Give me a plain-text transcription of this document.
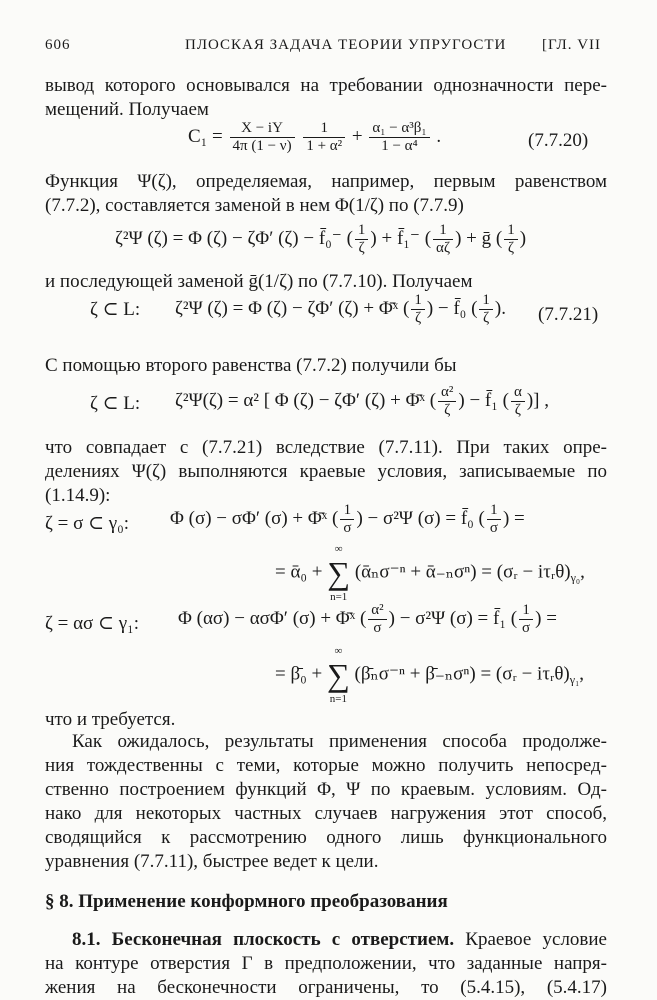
606	ПЛОСКАЯ ЗАДАЧА ТЕОРИИ УПРУГОСТИ [ГЛ. VII
вывод которого основывался на требовании однозначности пере-
мещений. Получаем
$C_1 = \frac{X - iY}{4\pi (1 - \nu)}$
$\frac{1}{\text{1 + α²}} + \frac{\text{α₁ − α³β₁}}{\text{1 − α⁴}}$ .	(7.7.20)
Функция Ψ(ζ), определяемая, например, первым равенством
(7.7.2), составляется заменой в нем Φ(1/ζ) по (7.7.9)
ζ²Ψ (ζ) = Φ (ζ) − ζΦ′ (ζ) − f̄₀⁻ ( $\frac{1}{\zeta}$ ) + f̄₁⁻ ( $\frac{1}{\alpha\zeta}$ ) + ḡ ( $\frac{1}{\zeta}$ )
и последующей заменой ḡ(1/ζ) по (7.7.10). Получаем
ζ ⊂ L: ζ²Ψ (ζ) = Φ (ζ) − ζΦ′ (ζ) + Φ̄ˣ ( $\frac{1}{\zeta}$ ) − f̄₀ ( $\frac{1}{\zeta}$ ). (7.7.21)
С помощью второго равенства (7.7.2) получили бы
ζ ⊂ L: ζ²Ψ(ζ) = α² [ Φ (ζ) − ζΦ′ (ζ) + Φ̄ˣ ( $\frac{\text{α²}}{\zeta}$ ) − f̄₁ ( $\frac{\alpha}{\zeta}$ )] ,
что совпадает с (7.7.21) вследствие (7.7.11). При таких опре-
делениях Ψ(ζ) выполняются краевые условия, записываемые по
(1.14.9):
ζ = σ ⊂ γ₀: Φ (σ) − σΦ′ (σ) + Φ̄ˣ ( $\frac{1}{\sigma}$ ) − σ²Ψ (σ) = f̄₀ ( $\frac{1}{\sigma}$ ) =
= ᾱ₀ +
∞
∑
n=1
(ᾱₙσ⁻ⁿ + ᾱ₋ₙσⁿ) = (σᵣ − $i\tau ᵣ\theta)_{\gamma_0}$,
ζ = ασ ⊂ γ₁: Φ (ασ) − ασΦ′ (σ) + Φ̄ˣ ( $\frac{\text{α²}}{\sigma}$ ) − σ²Ψ (σ) = f̄₁ ( $\frac{1}{\sigma}$ ) =
= β̄₀ +
∞
∑
n=1
(β̄ₙσ⁻ⁿ + β̄₋ₙσⁿ) = (σᵣ − $i\tau ᵣ\theta)_{\gamma_1}$,
что и требуется.
Как ожидалось, результаты применения способа продолже-
ния тождественны с теми, которые можно получить непосред-
ственно построением функций Φ, Ψ по краевым. условиям. Од-
нако для некоторых частных случаев нагружения этот способ,
сводящийся к рассмотрению одного лишь функционального
уравнения (7.7.11), быстрее ведет к цели.
§ 8. Применение конформного преобразования
8.1. Бесконечная плоскость с отверстием. Краевое условие
на контуре отверстия Γ в предположении, что заданные напря-
жения на бесконечности ограничены, то (5.4.15), (5.4.17)
